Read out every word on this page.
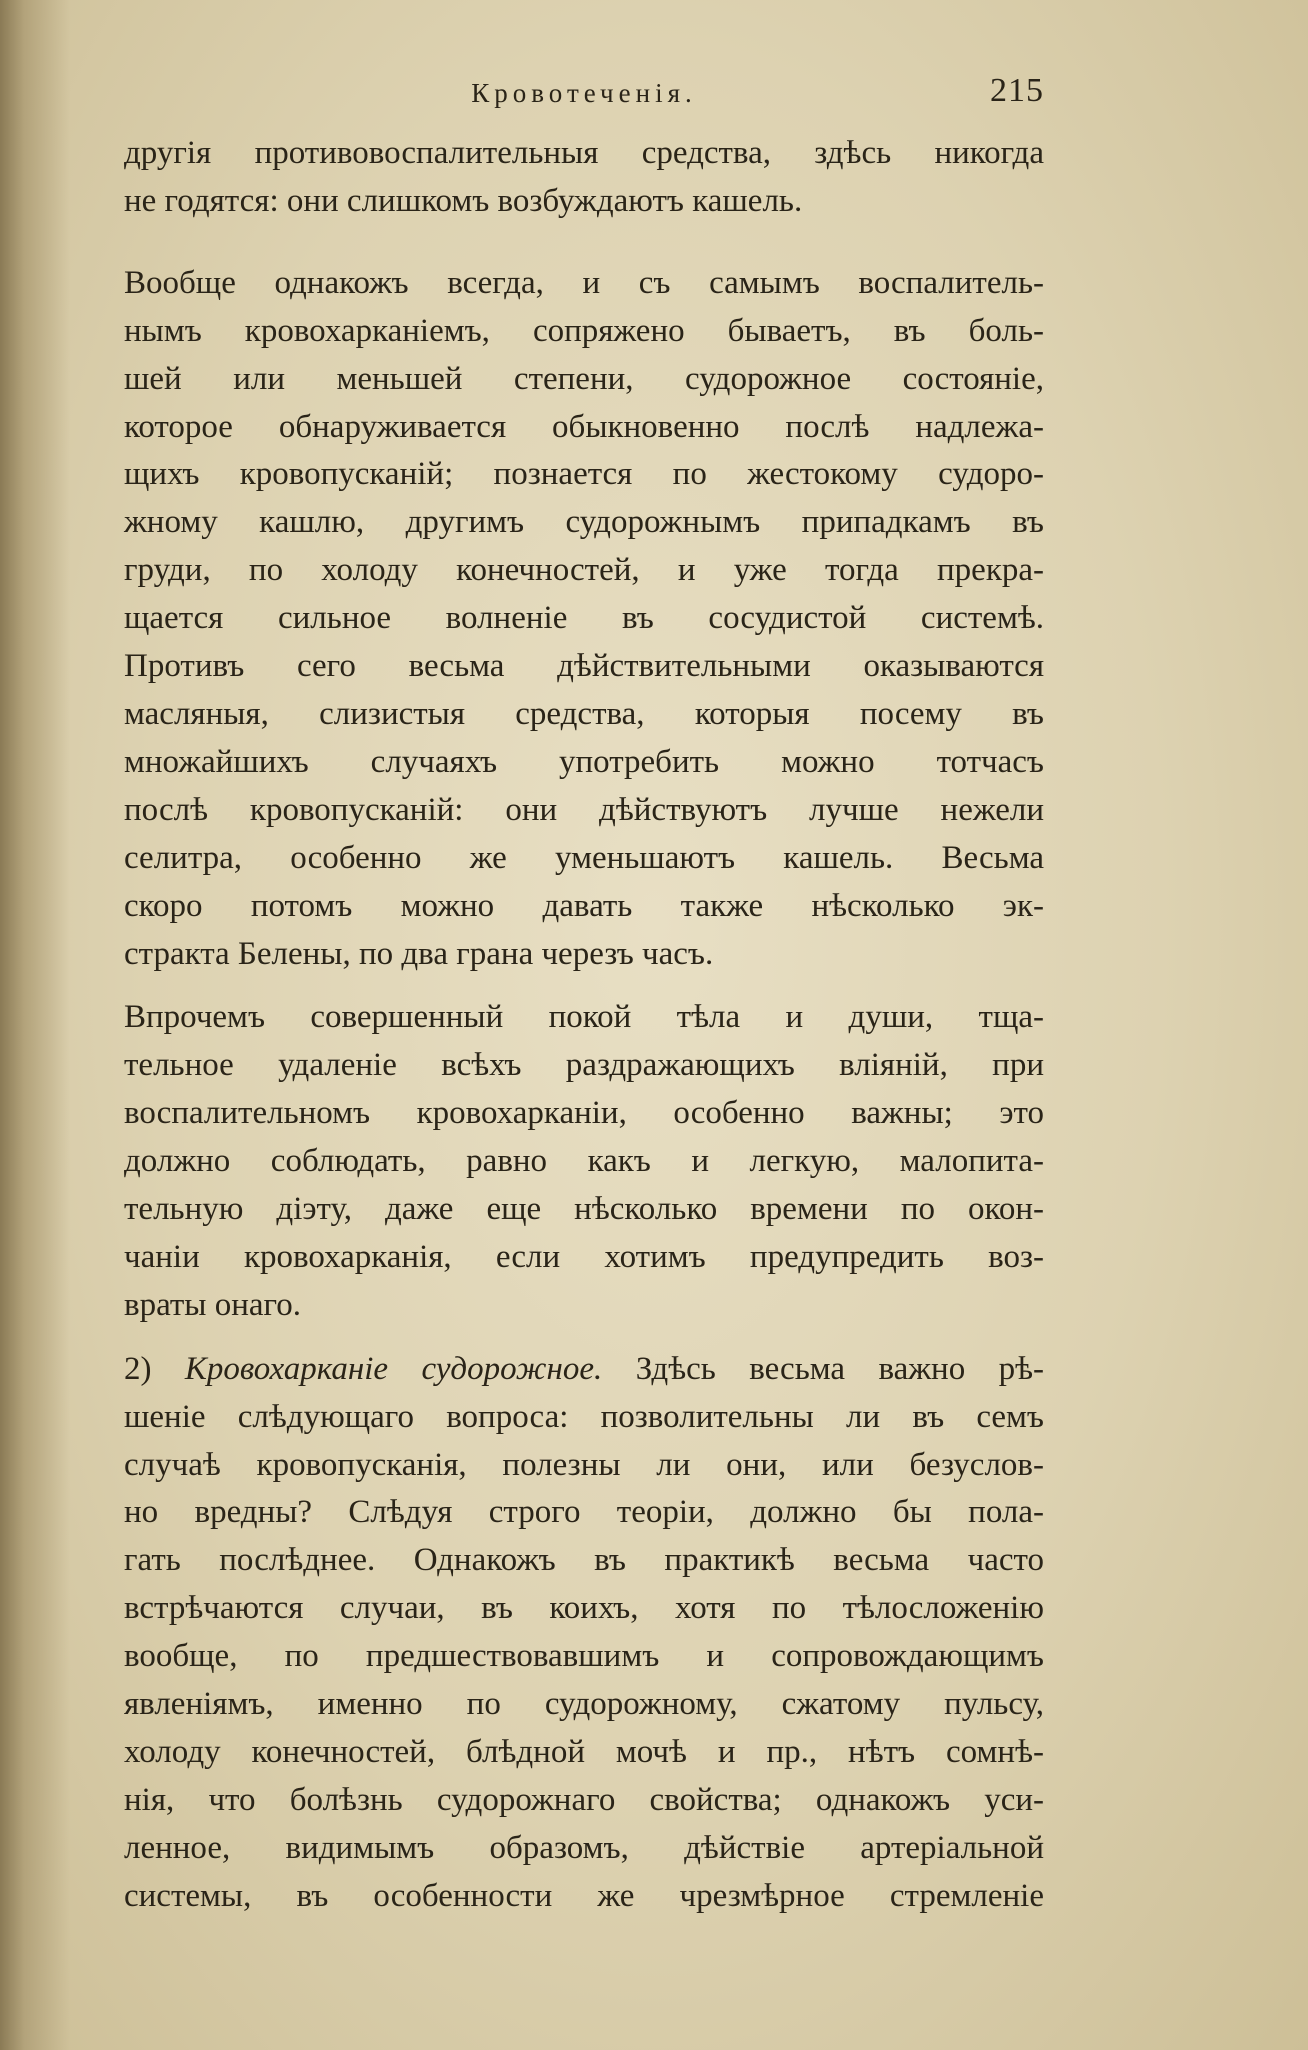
Кровотеченія.	215

другія противовоспалительныя средства, здѣсь никогда
не годятся: они слишкомъ возбуждаютъ кашель.

Вообще однакожъ всегда, и съ самымъ воспалитель-
нымъ кровохарканіемъ, сопряжено бываетъ, въ боль-
шей или меньшей степени, судорожное состояніе,
которое обнаруживается обыкновенно послѣ надлежа-
щихъ кровопусканій; познается по жестокому судоро-
жному кашлю, другимъ судорожнымъ припадкамъ въ
груди, по холоду конечностей, и уже тогда прекра-
щается сильное волненіе въ сосудистой системѣ.
Противъ сего весьма дѣйствительными оказываются
масляныя, слизистыя средства, которыя посему въ
множайшихъ случаяхъ употребить можно тотчасъ
послѣ кровопусканій: они дѣйствуютъ лучше нежели
селитра, особенно же уменьшаютъ кашель. Весьма
скоро потомъ можно давать также нѣсколько эк-
стракта Белены, по два грана черезъ часъ.

Впрочемъ совершенный покой тѣла и души, тща-
тельное удаленіе всѣхъ раздражающихъ вліяній, при
воспалительномъ кровохарканіи, особенно важны; это
должно соблюдать, равно какъ и легкую, малопита-
тельную діэту, даже еще нѣсколько времени по окон-
чаніи кровохарканія, если хотимъ предупредить воз-
враты онаго.

2) Кровохарканіе судорожное. Здѣсь весьма важно рѣ-
шеніе слѣдующаго вопроса: позволительны ли въ семъ
случаѣ кровопусканія, полезны ли они, или безуслов-
но вредны? Слѣдуя строго теоріи, должно бы пола-
гать послѣднее. Однакожъ въ практикѣ весьма часто
встрѣчаются случаи, въ коихъ, хотя по тѣлосложенію
вообще, по предшествовавшимъ и сопровождающимъ
явленіямъ, именно по судорожному, сжатому пульсу,
холоду конечностей, блѣдной мочѣ и пр., нѣтъ сомнѣ-
нія, что болѣзнь судорожнаго свойства; однакожъ уси-
ленное, видимымъ образомъ, дѣйствіе артеріальной
системы, въ особенности же чрезмѣрное стремленіе
